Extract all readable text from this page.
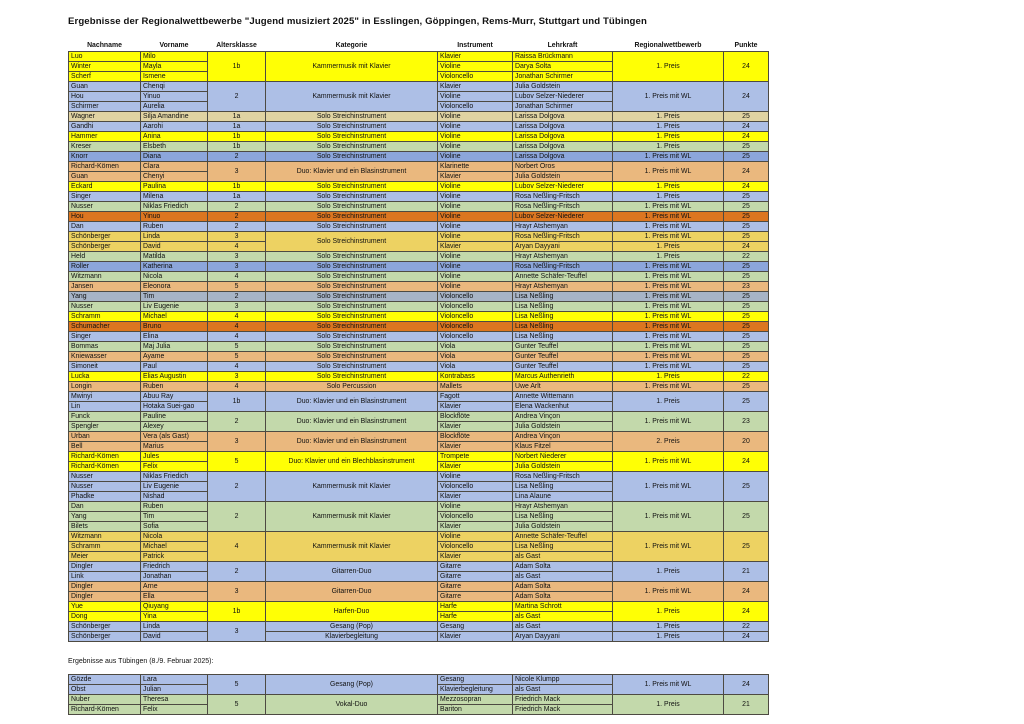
Ergebnisse der Regionalwettbewerbe "Jugend musiziert 2025" in Esslingen, Göppingen, Rems-Murr, Stuttgart und Tübingen

Nachname	Vorname	Altersklasse	Kategorie	Instrument	Lehrkraft	Regionalwettbewerb	Punkte
Luo	Milo	1b	Kammermusik mit Klavier	Klavier	Raissa Brückmann	1. Preis	24
Winter	Mayla			Violine	Darya Šolta		
Scherf	Ismene			Violoncello	Jonathan Schirmer		
Guan	Chenqi	2	Kammermusik mit Klavier	Klavier	Julia Goldstein	1. Preis mit WL	24
Hou	Yinuo			Violine	Lubov Selzer-Niederer		
Schirmer	Aurelia			Violoncello	Jonathan Schirmer		
Wagner	Silja Amandine	1a	Solo Streichinstrument	Violine	Larissa Dolgova	1. Preis	25
Gandhi	Aarohi	1a	Solo Streichinstrument	Violine	Larissa Dolgova	1. Preis	24
Hammer	Anina	1b	Solo Streichinstrument	Violine	Larissa Dolgova	1. Preis	24
Kreser	Elsbeth	1b	Solo Streichinstrument	Violine	Larissa Dolgova	1. Preis	25
Knorr	Diana	2	Solo Streichinstrument	Violine	Larissa Dolgova	1. Preis mit WL	25
Richard-Kömen	Clara	3	Duo: Klavier und ein Blasinstrument	Klarinette	Norbert Oros	1. Preis mit WL	24
Guan	Chenyi			Klavier	Julia Goldstein		
Eckard	Paulina	1b	Solo Streichinstrument	Violine	Lubov Selzer-Niederer	1. Preis	24
Singer	Milena	1a	Solo Streichinstrument	Violine	Rosa Neßling-Fritsch	1. Preis	25
Nusser	Niklas Friedich	2	Solo Streichinstrument	Violine	Rosa Neßling-Fritsch	1. Preis mit WL	25
Hou	Yinuo	2	Solo Streichinstrument	Violine	Lubov Selzer-Niederer	1. Preis mit WL	25
Dan	Ruben	2	Solo Streichinstrument	Violine	Hrayr Atshemyan	1. Preis mit WL	25
Schönberger	Linda	3	Solo Streichinstrument	Violine	Rosa Neßling-Fritsch	1. Preis mit WL	25
Schönberger	David	4		Klavier	Aryan Dayyani	1. Preis	24
Held	Matilda	3	Solo Streichinstrument	Violine	Hrayr Atshemyan	1. Preis	22
Roller	Katherina	3	Solo Streichinstrument	Violine	Rosa Neßling-Fritsch	1. Preis mit WL	25
Witzmann	Nicola	4	Solo Streichinstrument	Violine	Annette Schäfer-Teuffel	1. Preis mit WL	25
Jansen	Eleonora	5	Solo Streichinstrument	Violine	Hrayr Atshemyan	1. Preis mit WL	23
Yang	Tim	2	Solo Streichinstrument	Violoncello	Lisa Neßling	1. Preis mit WL	25
Nusser	Liv Eugenie	3	Solo Streichinstrument	Violoncello	Lisa Neßling	1. Preis mit WL	25
Schramm	Michael	4	Solo Streichinstrument	Violoncello	Lisa Neßling	1. Preis mit WL	25
Schumacher	Bruno	4	Solo Streichinstrument	Violoncello	Lisa Neßling	1. Preis mit WL	25
Singer	Elina	4	Solo Streichinstrument	Violoncello	Lisa Neßling	1. Preis mit WL	25
Bommas	Maj Julia	5	Solo Streichinstrument	Viola	Gunter Teuffel	1. Preis mit WL	25
Kniewasser	Ayame	5	Solo Streichinstrument	Viola	Gunter Teuffel	1. Preis mit WL	25
Simoneit	Paul	4	Solo Streichinstrument	Viola	Gunter Teuffel	1. Preis mit WL	25
Lucka	Elias Augustin	3	Solo Streichinstrument	Kontrabass	Marcus Authenrieth	1. Preis	22
Longin	Ruben	4	Solo Percussion	Mallets	Uwe Arlt	1. Preis mit WL	25
Mwinyi	Abuu Ray	1b	Duo: Klavier und ein Blasinstrument	Fagott	Annette Wittemann	1. Preis	25
Lin	Hotaka Suei-gao			Klavier	Elena Wackenhut		
Funck	Pauline	2	Duo: Klavier und ein Blasinstrument	Blockflöte	Andrea Vinçon	1. Preis mit WL	23
Spengler	Alexey			Klavier	Julia Goldstein		
Urban	Vera (als Gast)	3	Duo: Klavier und ein Blasinstrument	Blockflöte	Andrea Vinçon	2. Preis	20
Bell	Marius			Klavier	Klaus Fitzel		
Richard-Kömen	Jules	5	Duo: Klavier und ein Blechblasinstrument	Trompete	Norbert Niederer	1. Preis mit WL	24
Richard-Kömen	Felix			Klavier	Julia Goldstein		
Nusser	Niklas Friedich	2	Kammermusik mit Klavier	Violine	Rosa Neßling-Fritsch	1. Preis mit WL	25
Nusser	Liv Eugenie			Violoncello	Lisa Neßling		
Phadke	Nishad			Klavier	Lina Alaune		
Dan	Ruben	2	Kammermusik mit Klavier	Violine	Hrayr Atshemyan	1. Preis mit WL	25
Yang	Tim			Violoncello	Lisa Neßling		
Bilets	Sofia			Klavier	Julia Goldstein		
Witzmann	Nicola	4	Kammermusik mit Klavier	Violine	Annette Schäfer-Teuffel	1. Preis mit WL	25
Schramm	Michael			Violoncello	Lisa Neßling		
Meier	Patrick			Klavier	als Gast		
Dingler	Friedrich	2	Gitarren-Duo	Gitarre	Adam Šolta	1. Preis	21
Link	Jonathan			Gitarre	als Gast		
Dingler	Arne	3	Gitarren-Duo	Gitarre	Adam Šolta	1. Preis mit WL	24
Dingler	Ella			Gitarre	Adam Šolta		
Yue	Qiuyang	1b	Harfen-Duo	Harfe	Martina Schrott	1. Preis	24
Dong	Yina			Harfe	als Gast		
Schönberger	Linda	3	Gesang (Pop)	Gesang	als Gast	1. Preis	22
Schönberger	David		Klavierbegleitung	Klavier	Aryan Dayyani	1. Preis	24

Ergebnisse aus Tübingen (8./9. Februar 2025):

Gözde	Lara	5	Gesang (Pop)	Gesang	Nicole Klumpp	1. Preis mit WL	24
Obst	Julian			Klavierbegleitung	als Gast		
Nuber	Theresa	5	Vokal-Duo	Mezzosopran	Friedrich Mack	1. Preis	21
Richard-Kömen	Felix			Bariton	Friedrich Mack		
